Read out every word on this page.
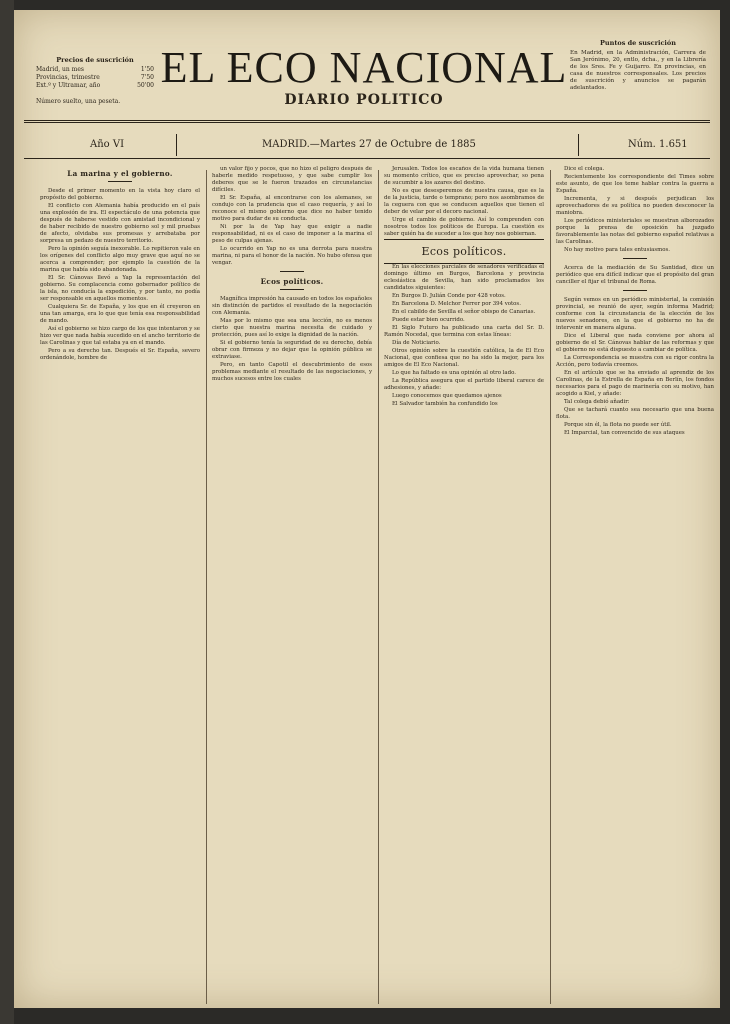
Precios de suscrición
Madrid, un mes	1'50
Provincias, trimestre	7'50
Ext.º y Ultramar, año	50'00
Número suelto, una peseta.
EL ECO NACIONAL
DIARIO POLITICO
Puntos de suscrición
En Madrid, en la Administración, Carrera de San Jerónimo, 20, entlo, dcha., y en la Librería de los Sres. Fe y Guijarro. En provincias, en casa de nuestros corresponsales. Los precios de suscrición y anuncios se pagarán adelantados.
Año VI	MADRID.—Martes 27 de Octubre de 1885	Núm. 1.651

La marina y el gobierno.

Desde el primer momento en la vista hoy claro el propósito del gobierno.

El conflicto con Alemania había producido en el país una explosión de ira. El espectáculo de una potencia que después de haberse vestido con amistad incondicional y de haber recibido de nuestro gobierno sol y mil pruebas de afecto, olvidaba sus promesas y arrebataba por sorpresa un pedazo de nuestro territorio.

Pero la opinión seguía inexorable. Lo repitieron vale en los orígenes del conflicto algo muy grave que aquí no se acerca a comprender; por ejemplo la cuestión de la marina que había sido abandonada.

El Sr. Cánovas llevó a Yap la representación del gobierno. Su complacencia como gobernador político de la isla, no conducía la expedición, y por tanto, no podía ser responsable en aquellos momentos.

Cualquiera Sr. de España, y los que en él creyeron en una tan amarga, era lo que que tenía esa responsabilidad de mando.

Así el gobierno se hizo cargo de los que intentaron y se hizo ver que nada había sucedido en el ancho territorio de las Carolinas y que tal estaba ya en el mando.

Pero a su derecho tan. Después el Sr. España, severo ordenándole, hombre de

un valor fijo y pocos, que no hizo el peligro después de haberle medido respetuoso, y que sabe cumplir los deberes que se le fueron trazados en circunstancias difíciles.

El Sr. España, al encontrarse con los alemanes, se condujo con la prudencia que el caso requería, y así lo reconoce el mismo gobierno que dice no haber tenido motivo para dudar de su conducta.

Ni por la de Yap hay que exigir a nadie responsabilidad, ni es el caso de imponer a la marina el peso de culpas ajenas.

Lo ocurrido en Yap no es una derrota para nuestra marina, ni para el honor de la nación. No hubo ofensa que vengar.

Ecos políticos.

Magnífica impresión ha causado en todos los españoles sin distinción de partidos el resultado de la negociación con Alemania.

Mas por lo mismo que sea una lección, no es menos cierto que nuestra marina necesita de cuidado y protección, pues así lo exige la dignidad de la nación.

Si el gobierno tenía la seguridad de su derecho, debía obrar con firmeza y no dejar que la opinión pública se extraviase.

Pero, en tanto Capotil el descubrimiento de esos problemas mediante el resultado de las negociaciones, y muchos sucesos entre los cuales

Jerusalén. Todos los escaños de la vida humana tienen su momento crítico, que es preciso aprovechar, so pena de sucumbir a los azares del destino.

No es que desesperemos de nuestra causa, que es la de la justicia, tarde o temprano; pero nos asombramos de la ceguera con que se conducen aquellos que tienen el deber de velar por el decoro nacional.

Urge el cambio de gobierno. Así lo comprenden con nosotros todos los políticos de Europa. La cuestión es saber quién ha de suceder a los que hoy nos gobiernan.

Ecos políticos.

En las elecciones parciales de senadores verificadas el domingo último en Burgos, Barcelona y provincia eclesiástica de Sevilla, han sido proclamados los candidatos siguientes:

En Burgos D. Julián Conde por 428 votos.

En Barcelona D. Melchor Ferrer por 394 votos.

En el cabildo de Sevilla el señor obispo de Canarias.

Puede estar bien ocurrido.

El Siglo Futuro ha publicado una carta del Sr. D. Ramón Nocedal, que termina con estas líneas:

Día de Noticiario.

Otros opinión sobre la cuestión católica, la de El Eco Nacional, que confiesa que no ha sido la mejor, para los amigos de El Eco Nacional.

Lo que ha faltado es una opinión al otro lado.

La República asegura que el partido liberal carece de adhesiones, y añade:

Luego conocemos que quedamos ajenos

El Salvador también ha confundido los

Dice el colega.

Recientemente los correspondiente del Times sobre este asunto, de que los teme hablar contra la guerra a España.

Incrementa, y si después perjudican los aprovechadores de su política no pueden desconocer la maniobra.

Los periódicos ministeriales se muestran alborozados porque la prensa de oposición ha juzgado favorablemente las notas del gobierno español relativas a las Carolinas.

No hay motivo para tales entusiasmos.

Acerca de la mediación de Su Santidad, dice un periódico que era difícil indicar que el propósito del gran canciller el fijar el tribunal de Roma.

Según vemos en un periódico ministerial, la comisión provincial, se reunió de ayer, según informa Madrid; conforme con la circunstancia de la elección de los nuevos senadores, en la que el gobierno no ha de intervenir en manera alguna.

Dice el Liberal que nada conviene por ahora al gobierno de el Sr. Cánovas hablar de las reformas y que el gobierno no está dispuesto a cambiar de política.

La Correspondencia se muestra con su rigor contra la Acción, pero todavía creemos.

En el artículo que se ha enviado al aprendiz de los Carolinas, de la Estrella de España en Berlín, los fondos necesarios para el pago de marinería con su motivo, han acogido a Kiel, y añade:

Tal colega debió añadir:

Que se tachará cuanto sea necesario que una buena flota.

Porque sin él, la flota no puede ser útil.

El Imparcial, tan convencido de sus ataques
